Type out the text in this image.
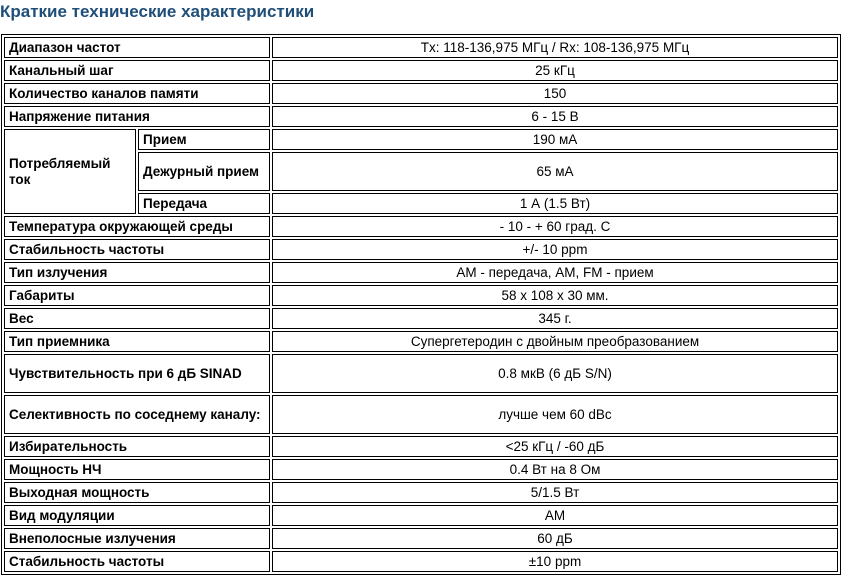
Краткие технические характеристики
Диапазон частот		Tx: 118-136,975 МГц / Rx: 108-136,975 МГц
Канальный шаг		25 кГц
Количество каналов памяти		150
Напряжение питания		6 - 15 В
Потребляемый ток	Прием	190 мА
	Дежурный прием	65 мА
	Передача	1 А (1.5 Вт)
Температура окружающей среды		- 10 - + 60 град. С
Стабильность частоты		+/- 10 ppm
Тип излучения		АМ - передача, АМ, FM - прием
Габариты		58 х 108 х 30 мм.
Вес		345 г.
Тип приемника		Супергетеродин с двойным преобразованием
Чувствительность при 6 дБ SINAD		0.8 мкВ (6 дБ S/N)
Селективность по соседнему каналу:		лучше чем 60 dBc
Избирательность		<25 кГц / -60 дБ
Мощность НЧ		0.4 Вт на 8 Ом
Выходная мощность		5/1.5 Вт
Вид модуляции		АМ
Внеполосные излучения		60 дБ
Стабильность частоты		±10 ppm
